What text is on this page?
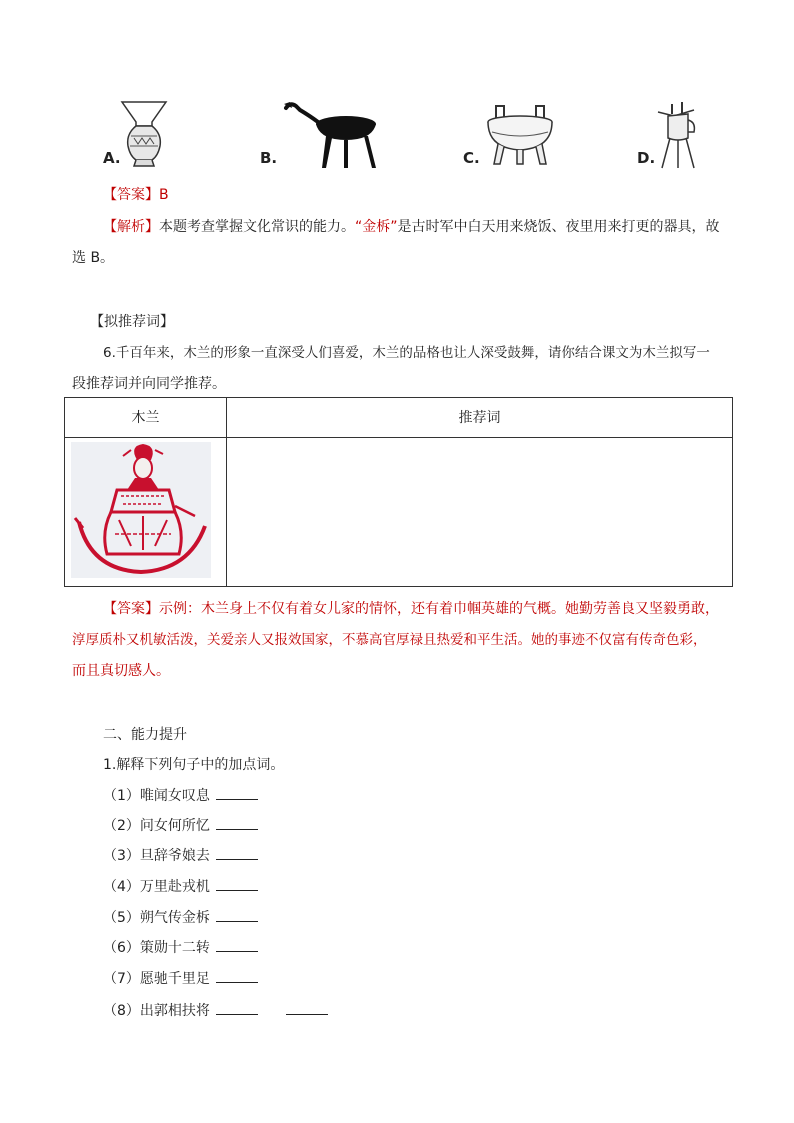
A.	B.	C.	D.
【答案】B
【解析】本题考查掌握文化常识的能力。“金柝”是古时军中白天用来烧饭、夜里用来打更的器具，故
选 B。
【拟推荐词】
6.千百年来，木兰的形象一直深受人们喜爱，木兰的品格也让人深受鼓舞，请你结合课文为木兰拟写一
段推荐词并向同学推荐。
木兰	推荐词

【答案】示例：木兰身上不仅有着女儿家的情怀，还有着巾帼英雄的气概。她勤劳善良又坚毅勇敢，
淳厚质朴又机敏活泼，关爱亲人又报效国家，不慕高官厚禄且热爱和平生活。她的事迹不仅富有传奇色彩，
而且真切感人。
二、能力提升
1.解释下列句子中的加点词。
（1）唯闻女叹息
（2）问女何所忆
（3）旦辞爷娘去
（4）万里赴戎机
（5）朔气传金柝
（6）策勋十二转
（7）愿驰千里足
（8）出郭相扶将
